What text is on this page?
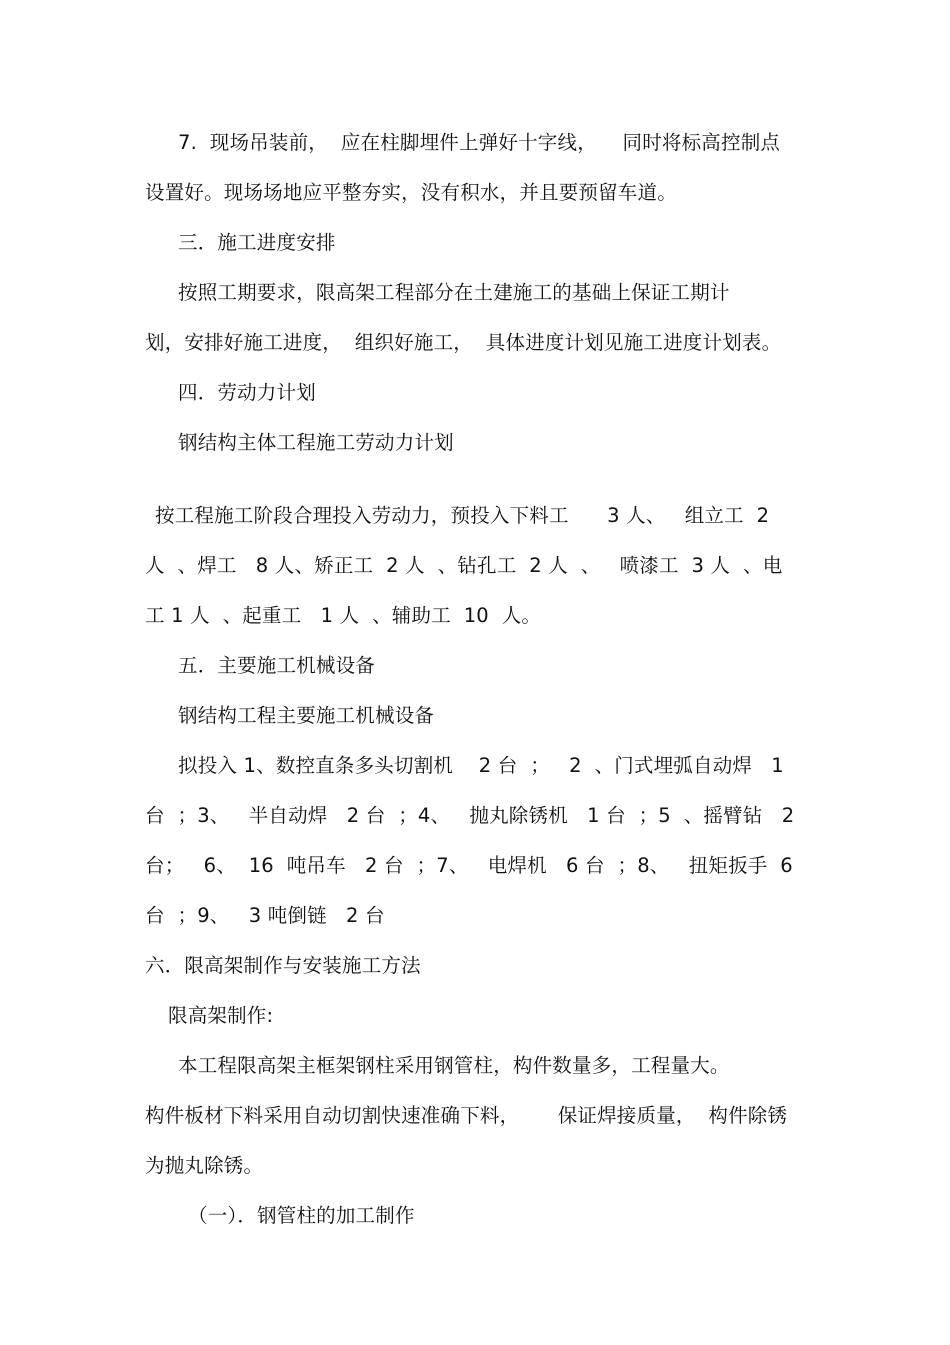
7.  现场吊装前，  应在柱脚埋件上弹好十字线，    同时将标高控制点
设置好。现场场地应平整夯实，没有积水，并且要预留车道。
三．施工进度安排
按照工期要求，限高架工程部分在土建施工的基础上保证工期计
划，安排好施工进度，  组织好施工，  具体进度计划见施工进度计划表。
四．劳动力计划
钢结构主体工程施工劳动力计划
按工程施工阶段合理投入劳动力，预投入下料工      3 人、   组立工  2
人  、焊工   8 人、矫正工  2 人  、钻孔工  2 人  、   喷漆工  3 人  、电
工 1 人  、起重工   1 人  、辅助工  10  人。
五．主要施工机械设备
钢结构工程主要施工机械设备
拟投入 1、数控直条多头切割机    2 台  ；   2  、门式埋弧自动焊   1
台  ；3、   半自动焊   2 台  ；4、   抛丸除锈机   1 台  ；5  、摇臂钻   2
台；   6、  16  吨吊车   2 台  ；7、   电焊机   6 台  ；8、   扭矩扳手  6
台  ；9、   3 吨倒链   2 台
六．限高架制作与安装施工方法
限高架制作:
本工程限高架主框架钢柱采用钢管柱，构件数量多，工程量大。
构件板材下料采用自动切割快速准确下料，      保证焊接质量，  构件除锈
为抛丸除锈。
（一）．钢管柱的加工制作
